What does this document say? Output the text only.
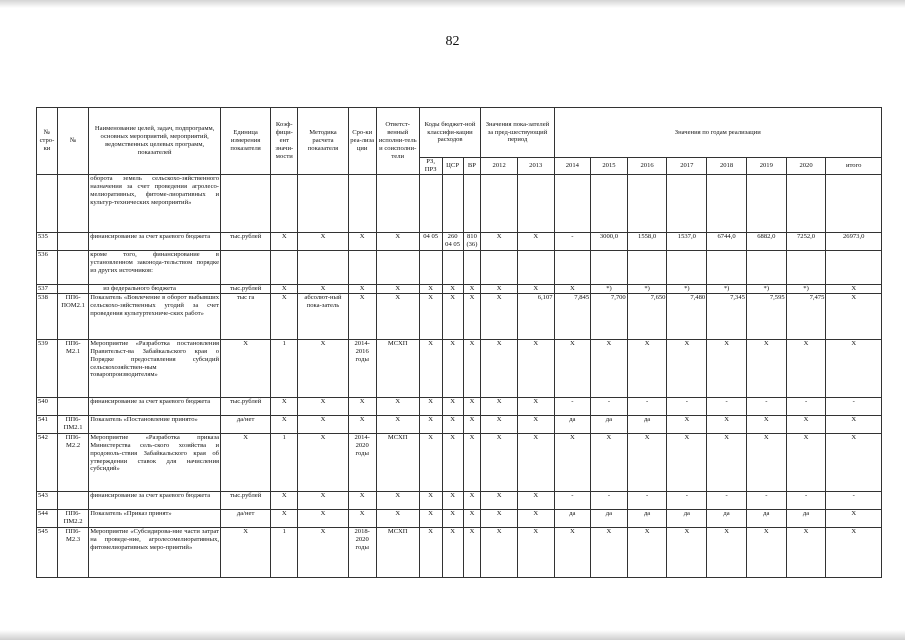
82
№ стро-ки	№	Наименование целей, задач, подпрограмм, основных мероприятий, мероприятий, ведомственных целевых программ, показателей	Единица измерения показателя	Коэф-фици-ент значи-мости	Методика расчета показателя	Сро-ки реа-лиза ции	Ответст-венный исполни-тель и соисполни-тели	Коды бюджет-ной классифи-кации расходов			Значения пока-зателей за пред-шествующий период		Значения по годам реализации							
								РЗ, ПРЗ	ЦСР	ВР	2012	2013	2014	2015	2016	2017	2018	2019	2020	итого
		оборота земель сельскохо-зяйственного назначения за счет проведения агролесо-мелиоративных, фитоме-лиоративных и культур-технических мероприятий»																		
535		финансирование за счет краевого бюджета	тыс.рублей	Х	Х	Х	Х	04 05	260 04 05	810 (36)	Х	Х	-	3000,0	1558,0	1537,0	6744,0	6882,0	7252,0	26973,0
536		кроме того, финансирование в установленном законода-тельством порядке из других источников:																		
537		из федерального бюджета	тыс.рублей	Х	Х	Х	Х	Х	Х	Х	Х	Х	Х	*)	*)	*)	*)	*)	*)	Х
538	ПП6-ПОМ2.1	Показатель «Вовлечение в оборот выбывших сельскохо-зяйственных угодий за счет проведения культуртехниче-ских работ»	тыс га	Х	абсолют-ный пока-затель	Х	Х	Х	Х	Х	Х	6,107	7,845	7,700	7,650	7,480	7,345	7,595	7,475	Х
539	ПП6-М2.1	Мероприятие «Разработка постановления Правительст-ва Забайкальского края о Порядке предоставления субсидий сельскохозяйствен-ным товаропроизводителям»	Х	1	Х	2014-2016 годы	МСХП	Х	Х	Х	Х	Х	Х	Х	Х	Х	Х	Х	Х	Х
540		финансирование за счет краевого бюджета	тыс.рублей	Х	Х	Х	Х	Х	Х	Х	Х	Х	-	-	-	-	-	-	-	-
541	ПП6-ПМ2.1	Показатель «Постановление принято»	да/нет	Х	Х	Х	Х	Х	Х	Х	Х	Х	да	да	да	Х	Х	Х	Х	Х
542	ПП6-М2.2	Мероприятие «Разработка приказа Министерства сель-ского хозяйства и продоволь-ствия Забайкальского края об утверждении ставок для начисления субсидий»	Х	1	Х	2014-2020 годы	МСХП	Х	Х	Х	Х	Х	Х	Х	Х	Х	Х	Х	Х	Х
543		финансирование за счет краевого бюджета	тыс.рублей	Х	Х	Х	Х	Х	Х	Х	Х	Х	-	-	-	-	-	-	-	-
544	ПП6-ПМ2.2	Показатель «Приказ принят»	да/нет	Х	Х	Х	Х	Х	Х	Х	Х	Х	да	да	да	да	да	да	да	Х
545	ПП6-М2.3	Мероприятие «Субсидирова-ние части затрат на проведе-ние, агролесомелиоративных, фитомелиоративных меро-приятий»	Х	1	Х	2018-2020 годы	МСХП	Х	Х	Х	Х	Х	Х	Х	Х	Х	Х	Х	Х	Х
